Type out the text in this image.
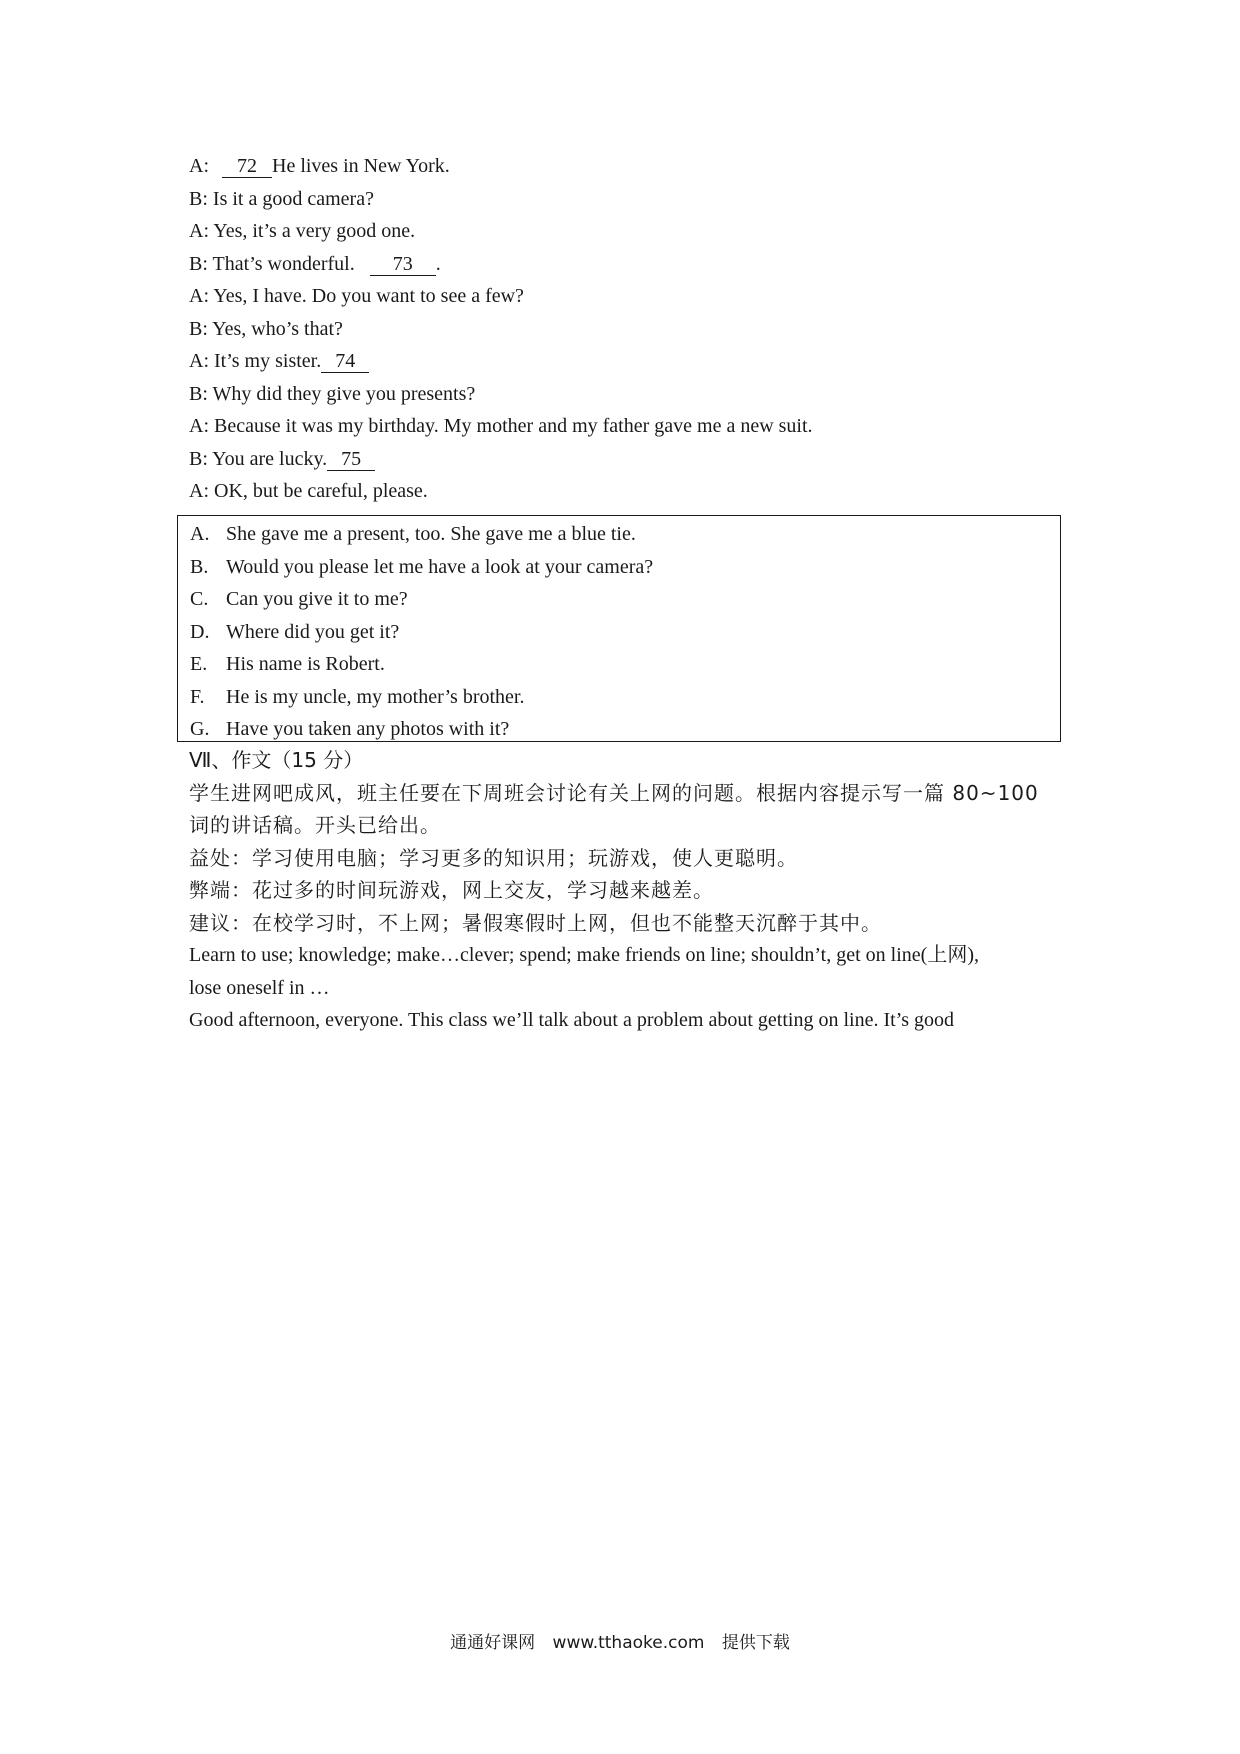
A: 72 He lives in New York.
B: Is it a good camera?
A: Yes, it’s a very good one.
B: That’s wonderful. 73 .
A: Yes, I have. Do you want to see a few?
B: Yes, who’s that?
A: It’s my sister. 74
B: Why did they give you presents?
A: Because it was my birthday. My mother and my father gave me a new suit.
B: You are lucky. 75
A: OK, but be careful, please.
A. She gave me a present, too. She gave me a blue tie.
B. Would you please let me have a look at your camera?
C. Can you give it to me?
D. Where did you get it?
E. His name is Robert.
F. He is my uncle, my mother’s brother.
G. Have you taken any photos with it?
Ⅶ、作文（15 分）
学生进网吧成风，班主任要在下周班会讨论有关上网的问题。根据内容提示写一篇 80~100
词的讲话稿。开头已给出。
益处：学习使用电脑；学习更多的知识用；玩游戏，使人更聪明。
弊端：花过多的时间玩游戏，网上交友，学习越来越差。
建议：在校学习时，不上网；暑假寒假时上网，但也不能整天沉醉于其中。
Learn to use; knowledge; make…clever; spend; make friends on line; shouldn’t, get on line(上网),
lose oneself in …
Good afternoon, everyone. This class we’ll talk about a problem about getting on line. It’s good
通通好课网 www.tthaoke.com 提供下载
